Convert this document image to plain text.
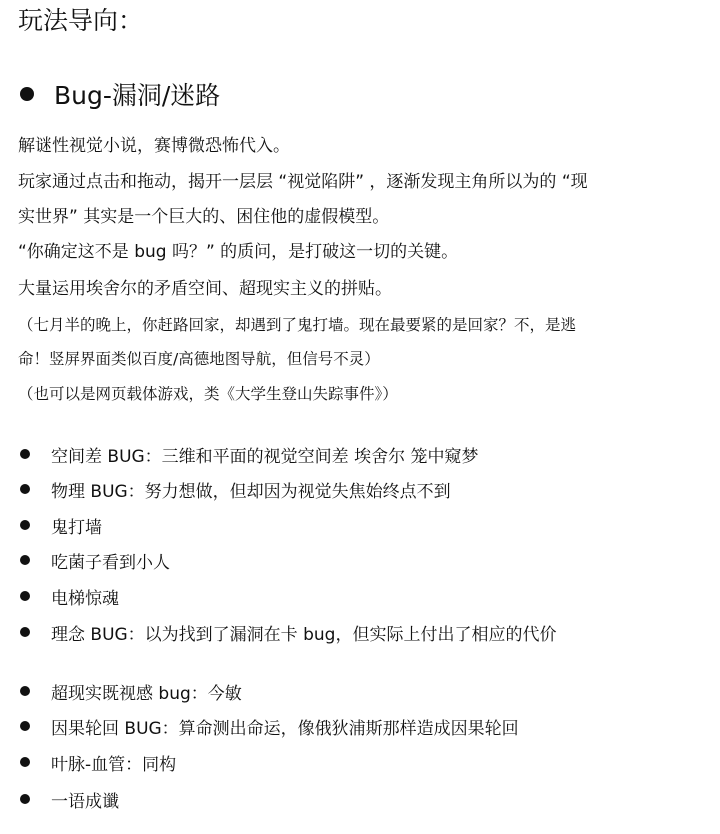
玩法导向：
Bug-漏洞/迷路
解谜性视觉小说，赛博微恐怖代入。
玩家通过点击和拖动，揭开一层层 “视觉陷阱” ，逐渐发现主角所以为的 “现
实世界” 其实是一个巨大的、困住他的虚假模型。
“你确定这不是 bug 吗？” 的质问，是打破这一切的关键。
大量运用埃舍尔的矛盾空间、超现实主义的拼贴。
（七月半的晚上，你赶路回家，却遇到了鬼打墙。现在最要紧的是回家？不，是逃
命！竖屏界面类似百度/高德地图导航，但信号不灵）
（也可以是网页载体游戏，类《大学生登山失踪事件》）
空间差 BUG：三维和平面的视觉空间差 埃舍尔 笼中窥梦
物理 BUG：努力想做，但却因为视觉失焦始终点不到
鬼打墙
吃菌子看到小人
电梯惊魂
理念 BUG：以为找到了漏洞在卡 bug，但实际上付出了相应的代价
超现实既视感 bug：今敏
因果轮回 BUG：算命测出命运，像俄狄浦斯那样造成因果轮回
叶脉-血管：同构
一语成谶
